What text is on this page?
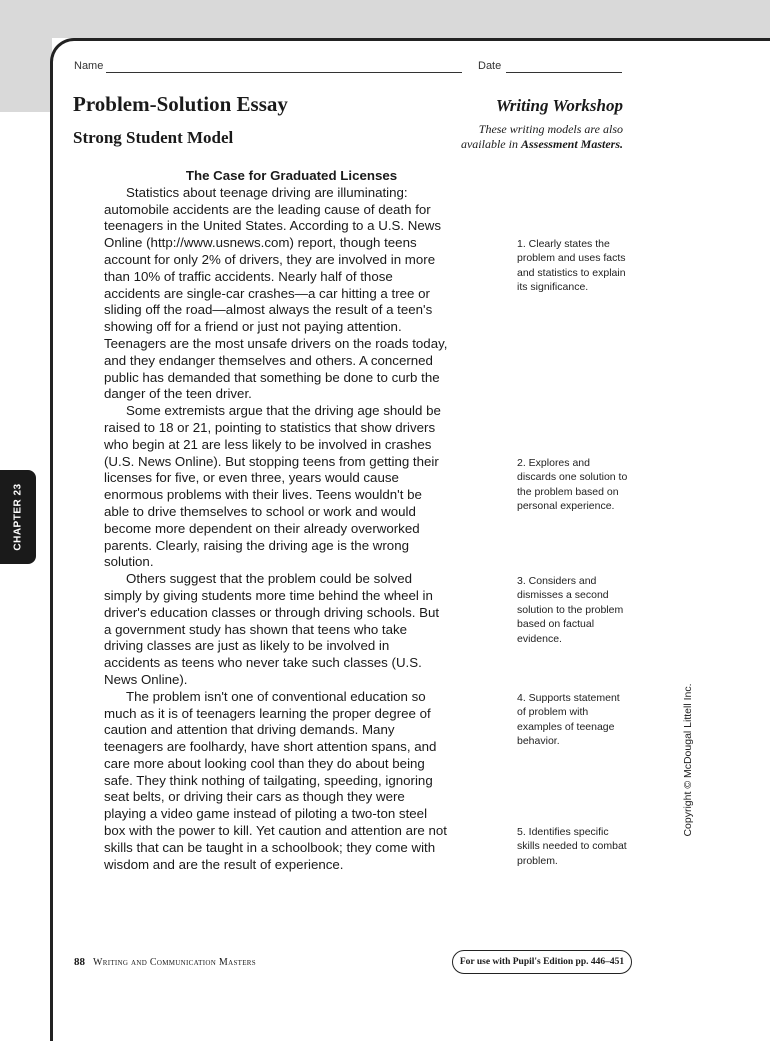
Name	Date
Problem-Solution Essay
Strong Student Model
Writing Workshop
These writing models are also
available in Assessment Masters.
The Case for Graduated Licenses

Statistics about teenage driving are illuminating: automobile accidents are the leading cause of death for teenagers in the United States. According to a U.S. News Online (http://www.usnews.com) report, though teens account for only 2% of drivers, they are involved in more than 10% of traffic accidents. Nearly half of those accidents are single-car crashes—a car hitting a tree or sliding off the road—almost always the result of a teen's showing off for a friend or just not paying attention. Teenagers are the most unsafe drivers on the roads today, and they endanger themselves and others. A concerned public has demanded that something be done to curb the danger of the teen driver.

Some extremists argue that the driving age should be raised to 18 or 21, pointing to statistics that show drivers who begin at 21 are less likely to be involved in crashes (U.S. News Online). But stopping teens from getting their licenses for five, or even three, years would cause enormous problems with their lives. Teens wouldn't be able to drive themselves to school or work and would become more dependent on their already overworked parents. Clearly, raising the driving age is the wrong solution.

Others suggest that the problem could be solved simply by giving students more time behind the wheel in driver's education classes or through driving schools. But a government study has shown that teens who take driving classes are just as likely to be involved in accidents as teens who never take such classes (U.S. News Online).

The problem isn't one of conventional education so much as it is of teenagers learning the proper degree of caution and attention that driving demands. Many teenagers are foolhardy, have short attention spans, and care more about looking cool than they do about being safe. They think nothing of tailgating, speeding, ignoring seat belts, or driving their cars as though they were playing a video game instead of piloting a two-ton steel box with the power to kill. Yet caution and attention are not skills that can be taught in a schoolbook; they come with wisdom and are the result of experience.

1. Clearly states the problem and uses facts and statistics to explain its significance.
2. Explores and discards one solution to the problem based on personal experience.
3. Considers and dismisses a second solution to the problem based on factual evidence.
4. Supports statement of problem with examples of teenage behavior.
5. Identifies specific skills needed to combat problem.
CHAPTER 23
Copyright © McDougal Littell Inc.
88 Writing and Communication Masters	For use with Pupil's Edition pp. 446–451
